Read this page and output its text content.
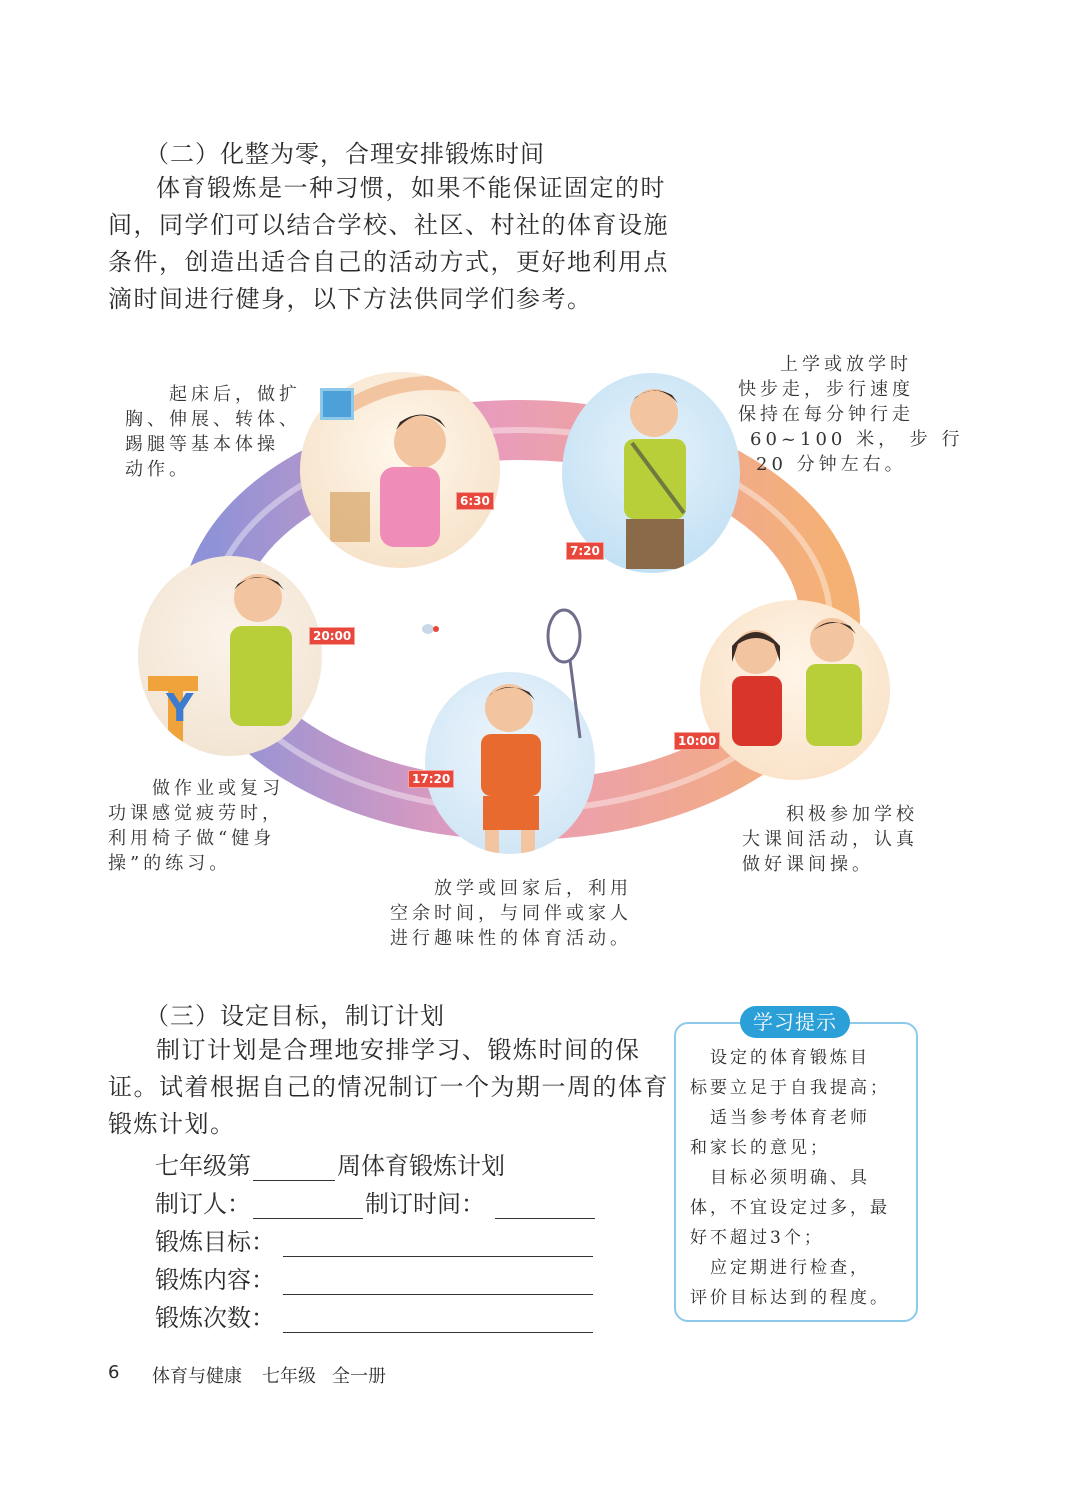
（二）化整为零，合理安排锻炼时间
体育锻炼是一种习惯，如果不能保证固定的时
间，同学们可以结合学校、社区、村社的体育设施
条件，创造出适合自己的活动方式，更好地利用点
滴时间进行健身，以下方法供同学们参考。
Y
6:30
7:20
20:00
17:20
10:00
起床后，做扩
胸、伸展、转体、
踢腿等基本体操
动作。
上学或放学时
快步走，步行速度
保持在每分钟行走
60~100 米， 步 行
20 分钟左右。
做作业或复习
功课感觉疲劳时，
利用椅子做“健身
操”的练习。
积极参加学校
大课间活动，认真
做好课间操。
放学或回家后，利用
空余时间，与同伴或家人
进行趣味性的体育活动。
（三）设定目标，制订计划
制订计划是合理地安排学习、锻炼时间的保
证。试着根据自己的情况制订一个为期一周的体育
锻炼计划。
七年级第	周体育锻炼计划
制订人：	制订时间：
锻炼目标：
锻炼内容：
锻炼次数：
学习提示
　设定的体育锻炼目
标要立足于自我提高；
　适当参考体育老师
和家长的意见；
　目标必须明确、具
体，不宜设定过多，最
好不超过3个；
　应定期进行检查，
评价目标达到的程度。
6 体育与健康 七年级 全一册
